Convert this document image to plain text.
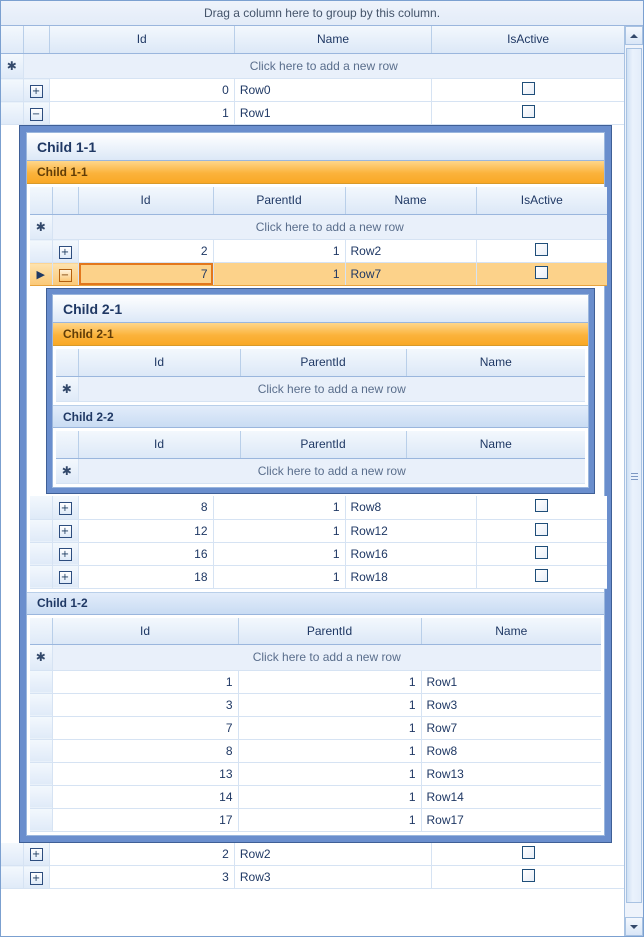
Drag a column here to group by this column.
		Id	Name	IsActive
✱	Click here to add a new row			
	+	0	Row0	
	−	1	Row1	
Child 1-1
Child 1-1
		Id	ParentId	Name	IsActive
✱	Click here to add a new row				
	+	2	1	Row2	
▶	−	7	1	Row7	
Child 2-1
Child 2-1
	Id	ParentId	Name
✱	Click here to add a new row
Child 2-2
	Id	ParentId	Name
✱	Click here to add a new row
	+	8	1	Row8	
	+	12	1	Row12	
	+	16	1	Row16	
	+	18	1	Row18	
Child 1-2
	Id	ParentId	Name
✱	Click here to add a new row		
	1	1	Row1
	3	1	Row3
	7	1	Row7
	8	1	Row8
	13	1	Row13
	14	1	Row14
	17	1	Row17
	+	2	Row2	
	+	3	Row3	
